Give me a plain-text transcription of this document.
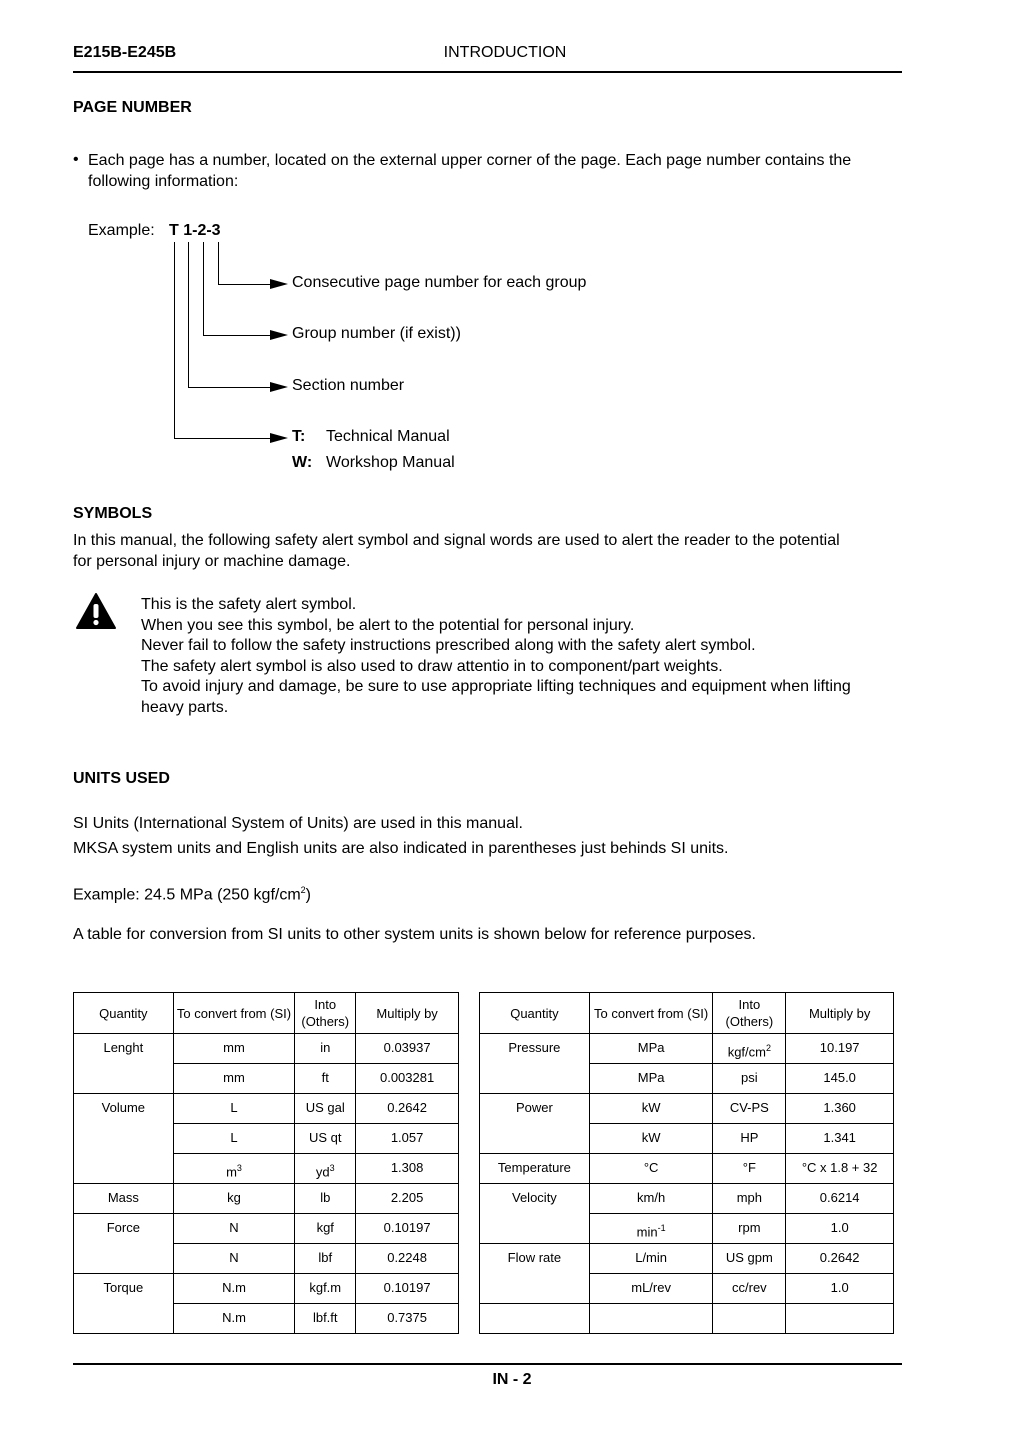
E215B-E245B	INTRODUCTION
PAGE NUMBER
• Each page has a number, located on the external upper corner of the page. Each page number contains the
following information:
Example: T 1-2-3
Consecutive page number for each group
Group number (if exist))
Section number
T: Technical Manual
W: Workshop Manual
SYMBOLS
In this manual, the following safety alert symbol and signal words are used to alert the reader to the potential
for personal injury or machine damage.
This is the safety alert symbol.
When you see this symbol, be alert to the potential for personal injury.
Never fail to follow the safety instructions prescribed along with the safety alert symbol.
The safety alert symbol is also used to draw attentio in to component/part weights.
To avoid injury and damage, be sure to use appropriate lifting techniques and equipment when lifting
heavy parts.
UNITS USED
SI Units (International System of Units) are used in this manual.
MKSA system units and English units are also indicated in parentheses just behinds SI units.
Example: 24.5 MPa (250 kgf/$cm^2$)
A table for conversion from SI units to other system units is shown below for reference purposes.
Quantity	To convert from (SI)	Into (Others)	Multiply by
Lenght	mm	in	0.03937
	mm	ft	0.003281
Volume	L	US gal	0.2642
	L	US qt	1.057
	$m^3$	$yd^3$	1.308
Mass	kg	lb	2.205
Force	N	kgf	0.10197
	N	lbf	0.2248
Torque	N.m	kgf.m	0.10197
	N.m	lbf.ft	0.7375
Quantity	To convert from (SI)	Into (Others)	Multiply by
Pressure	MPa	kgf/$cm^2$	10.197
	MPa	psi	145.0
Power	kW	CV-PS	1.360
	kW	HP	1.341
Temperature	°C	°F	°C x 1.8 + 32
Velocity	km/h	mph	0.6214
	$\min^{-1}$	rpm	1.0
Flow rate	L/min	US gpm	0.2642
	mL/rev	cc/rev	1.0

IN - 2
